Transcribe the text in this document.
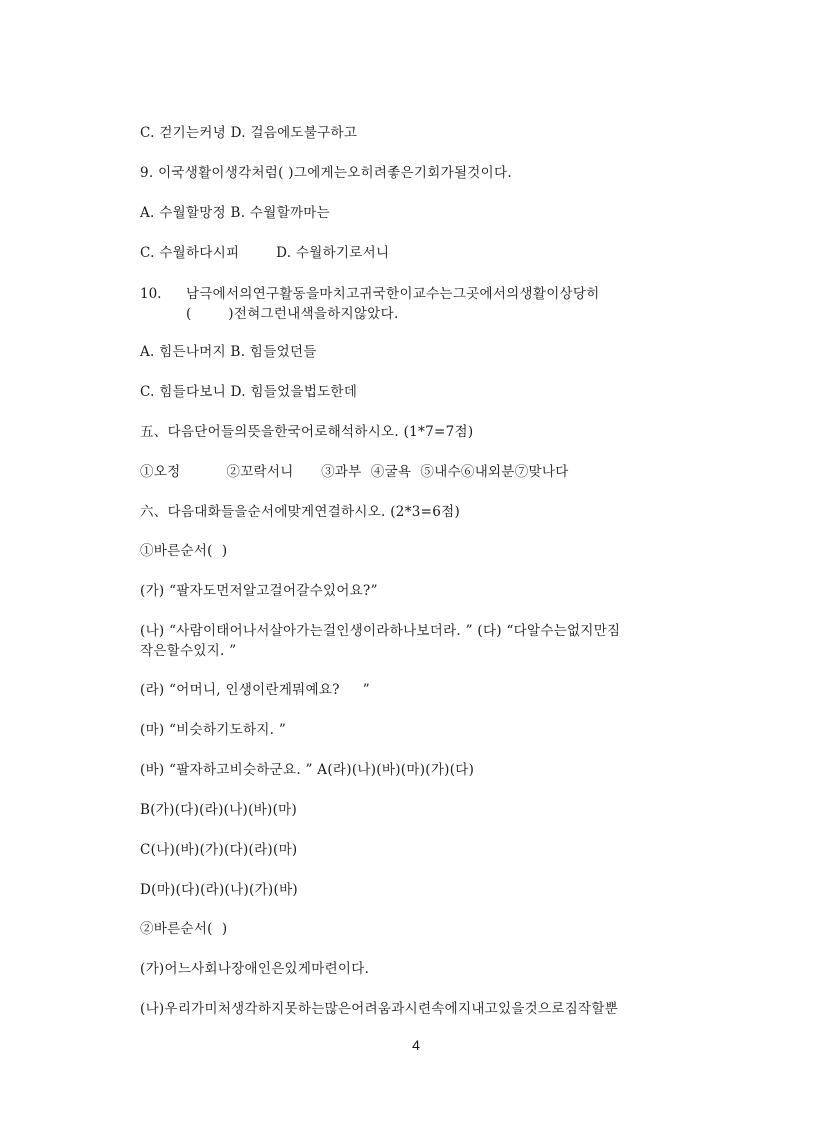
C. 걷기는커녕 D. 걸음에도불구하고
9. 이국생활이생각처럼( )그에게는오히려좋은기회가될것이다.
A. 수월할망정 B. 수월할까마는
C. 수월하다시피        D. 수월하기로서니
10. 남극에서의연구활동을마치고귀국한이교수는그곳에서의생활이상당히
(        )전혀그런내색을하지않았다.
A. 힘든나머지 B. 힘들었던들
C. 힘들다보니 D. 힘들었을법도한데
五、다음단어들의뜻을한국어로해석하시오. (1*7=7점)
①오정          ②꼬락서니      ③과부  ④굴욕  ⑤내수⑥내외분⑦맞나다
六、다음대화들을순서에맞게연결하시오. (2*3=6점)
①바른순서(  )
(가) “팔자도먼저알고걸어갈수있어요?”
(나) “사람이태어나서살아가는걸인생이라하나보더라. ” (다) “다알수는없지만짐
작은할수있지. ”
(라) “어머니, 인생이란게뭐예요?     ”
(마) “비슷하기도하지. ”
(바) “팔자하고비슷하군요. ” A(라)(나)(바)(마)(가)(다)
B(가)(다)(라)(나)(바)(마)
C(나)(바)(가)(다)(라)(마)
D(마)(다)(라)(나)(가)(바)
②바른순서(  )
(가)어느사회나장애인은있게마련이다.
(나)우리가미처생각하지못하는많은어려움과시련속에지내고있을것으로짐작할뿐
4
